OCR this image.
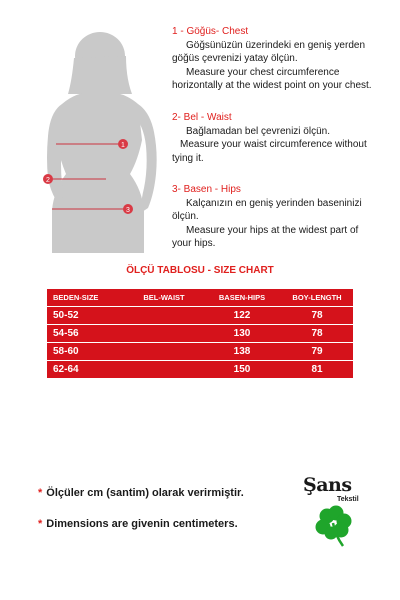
1
2
3
1 - Göğüs- Chest
Göğsünüzün üzerindeki en geniş yerden
göğüs çevrenizi yatay ölçün.
Measure your chest circumference
horizontally at the widest point on your chest.
2- Bel - Waist
Bağlamadan bel çevrenizi ölçün.
Measure your waist circumference without
tying it.
3- Basen - Hips
Kalçanızın en geniş yerinden baseninizi
ölçün.
Measure your hips at the widest part of
your hips.
ÖLÇÜ TABLOSU - SIZE CHART
BEDEN-SIZE	BEL-WAIST	BASEN-HIPS	BOY-LENGTH
50-52		122	78
54-56		130	78
58-60		138	79
62-64		150	81
* Ölçüler cm (santim) olarak verirmiştir.
* Dimensions are givenin centimeters.
Şans
Tekstil
